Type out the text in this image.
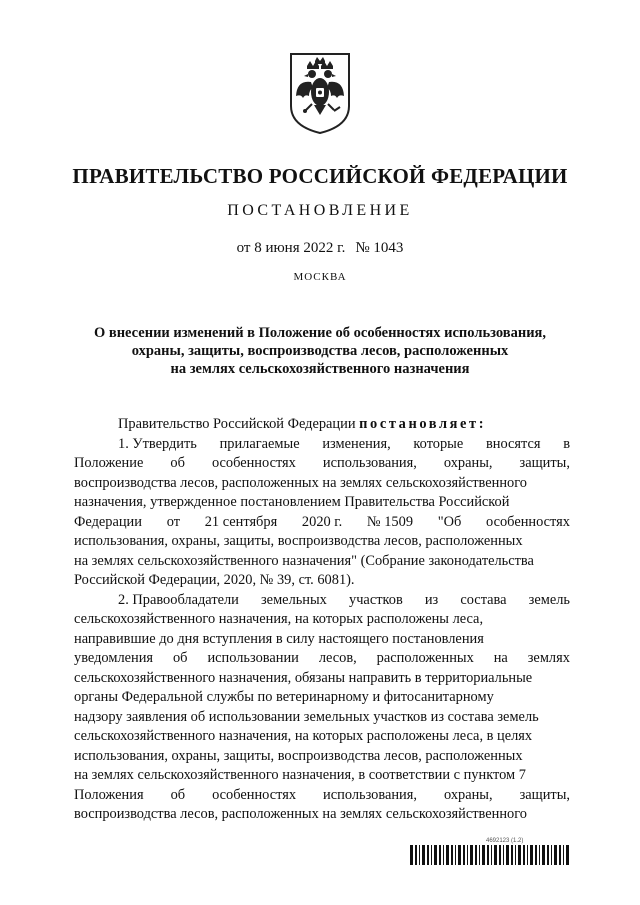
ПРАВИТЕЛЬСТВО РОССИЙСКОЙ ФЕДЕРАЦИИ
ПОСТАНОВЛЕНИЕ
от 8 июня 2022 г. № 1043
МОСКВА
О внесении изменений в Положение об особенностях использования,
охраны, защиты, воспроизводства лесов, расположенных
на землях сельскохозяйственного назначения
Правительство Российской Федерации постановляет:
1. Утвердить прилагаемые изменения, которые вносятся в
Положение об особенностях использования, охраны, защиты,
воспроизводства лесов, расположенных на землях сельскохозяйственного
назначения, утвержденное постановлением Правительства Российской
Федерации от 21 сентября 2020 г. № 1509 "Об особенностях
использования, охраны, защиты, воспроизводства лесов, расположенных
на землях сельскохозяйственного назначения" (Собрание законодательства
Российской Федерации, 2020, № 39, ст. 6081).
2. Правообладатели земельных участков из состава земель
сельскохозяйственного назначения, на которых расположены леса,
направившие до дня вступления в силу настоящего постановления
уведомления об использовании лесов, расположенных на землях
сельскохозяйственного назначения, обязаны направить в территориальные
органы Федеральной службы по ветеринарному и фитосанитарному
надзору заявления об использовании земельных участков из состава земель
сельскохозяйственного назначения, на которых расположены леса, в целях
использования, охраны, защиты, воспроизводства лесов, расположенных
на землях сельскохозяйственного назначения, в соответствии с пунктом 7
Положения об особенностях использования, охраны, защиты,
воспроизводства лесов, расположенных на землях сельскохозяйственного
4692123 (1.2)
